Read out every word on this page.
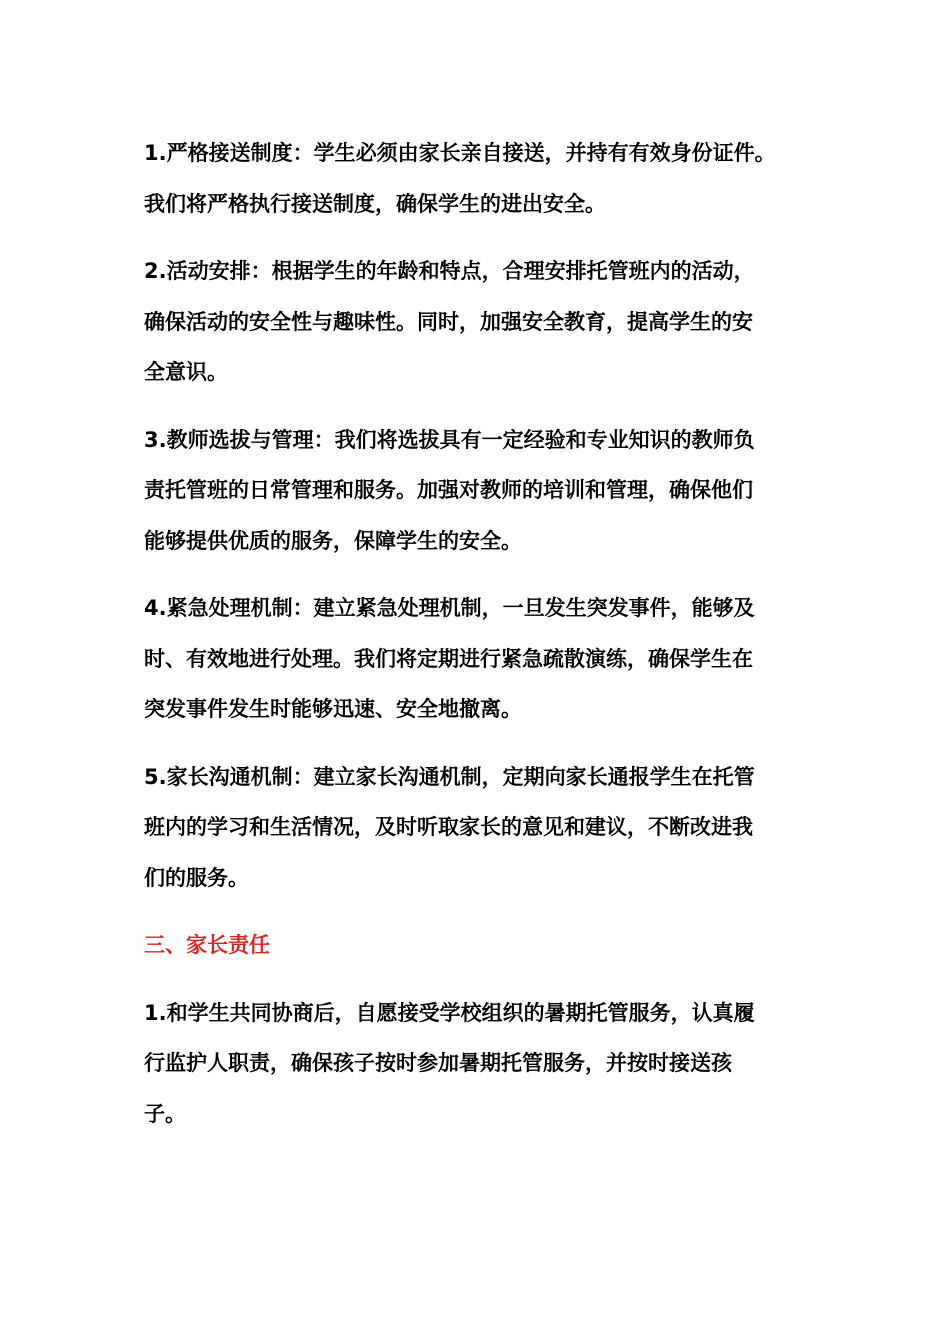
1.严格接送制度：学生必须由家长亲自接送，并持有有效身份证件。
我们将严格执行接送制度，确保学生的进出安全。

2.活动安排：根据学生的年龄和特点，合理安排托管班内的活动，
确保活动的安全性与趣味性。同时，加强安全教育，提高学生的安
全意识。

3.教师选拔与管理：我们将选拔具有一定经验和专业知识的教师负
责托管班的日常管理和服务。加强对教师的培训和管理，确保他们
能够提供优质的服务，保障学生的安全。

4.紧急处理机制：建立紧急处理机制，一旦发生突发事件，能够及
时、有效地进行处理。我们将定期进行紧急疏散演练，确保学生在
突发事件发生时能够迅速、安全地撤离。

5.家长沟通机制：建立家长沟通机制，定期向家长通报学生在托管
班内的学习和生活情况，及时听取家长的意见和建议，不断改进我
们的服务。

三、家长责任

1.和学生共同协商后，自愿接受学校组织的暑期托管服务，认真履
行监护人职责，确保孩子按时参加暑期托管服务，并按时接送孩
子。
